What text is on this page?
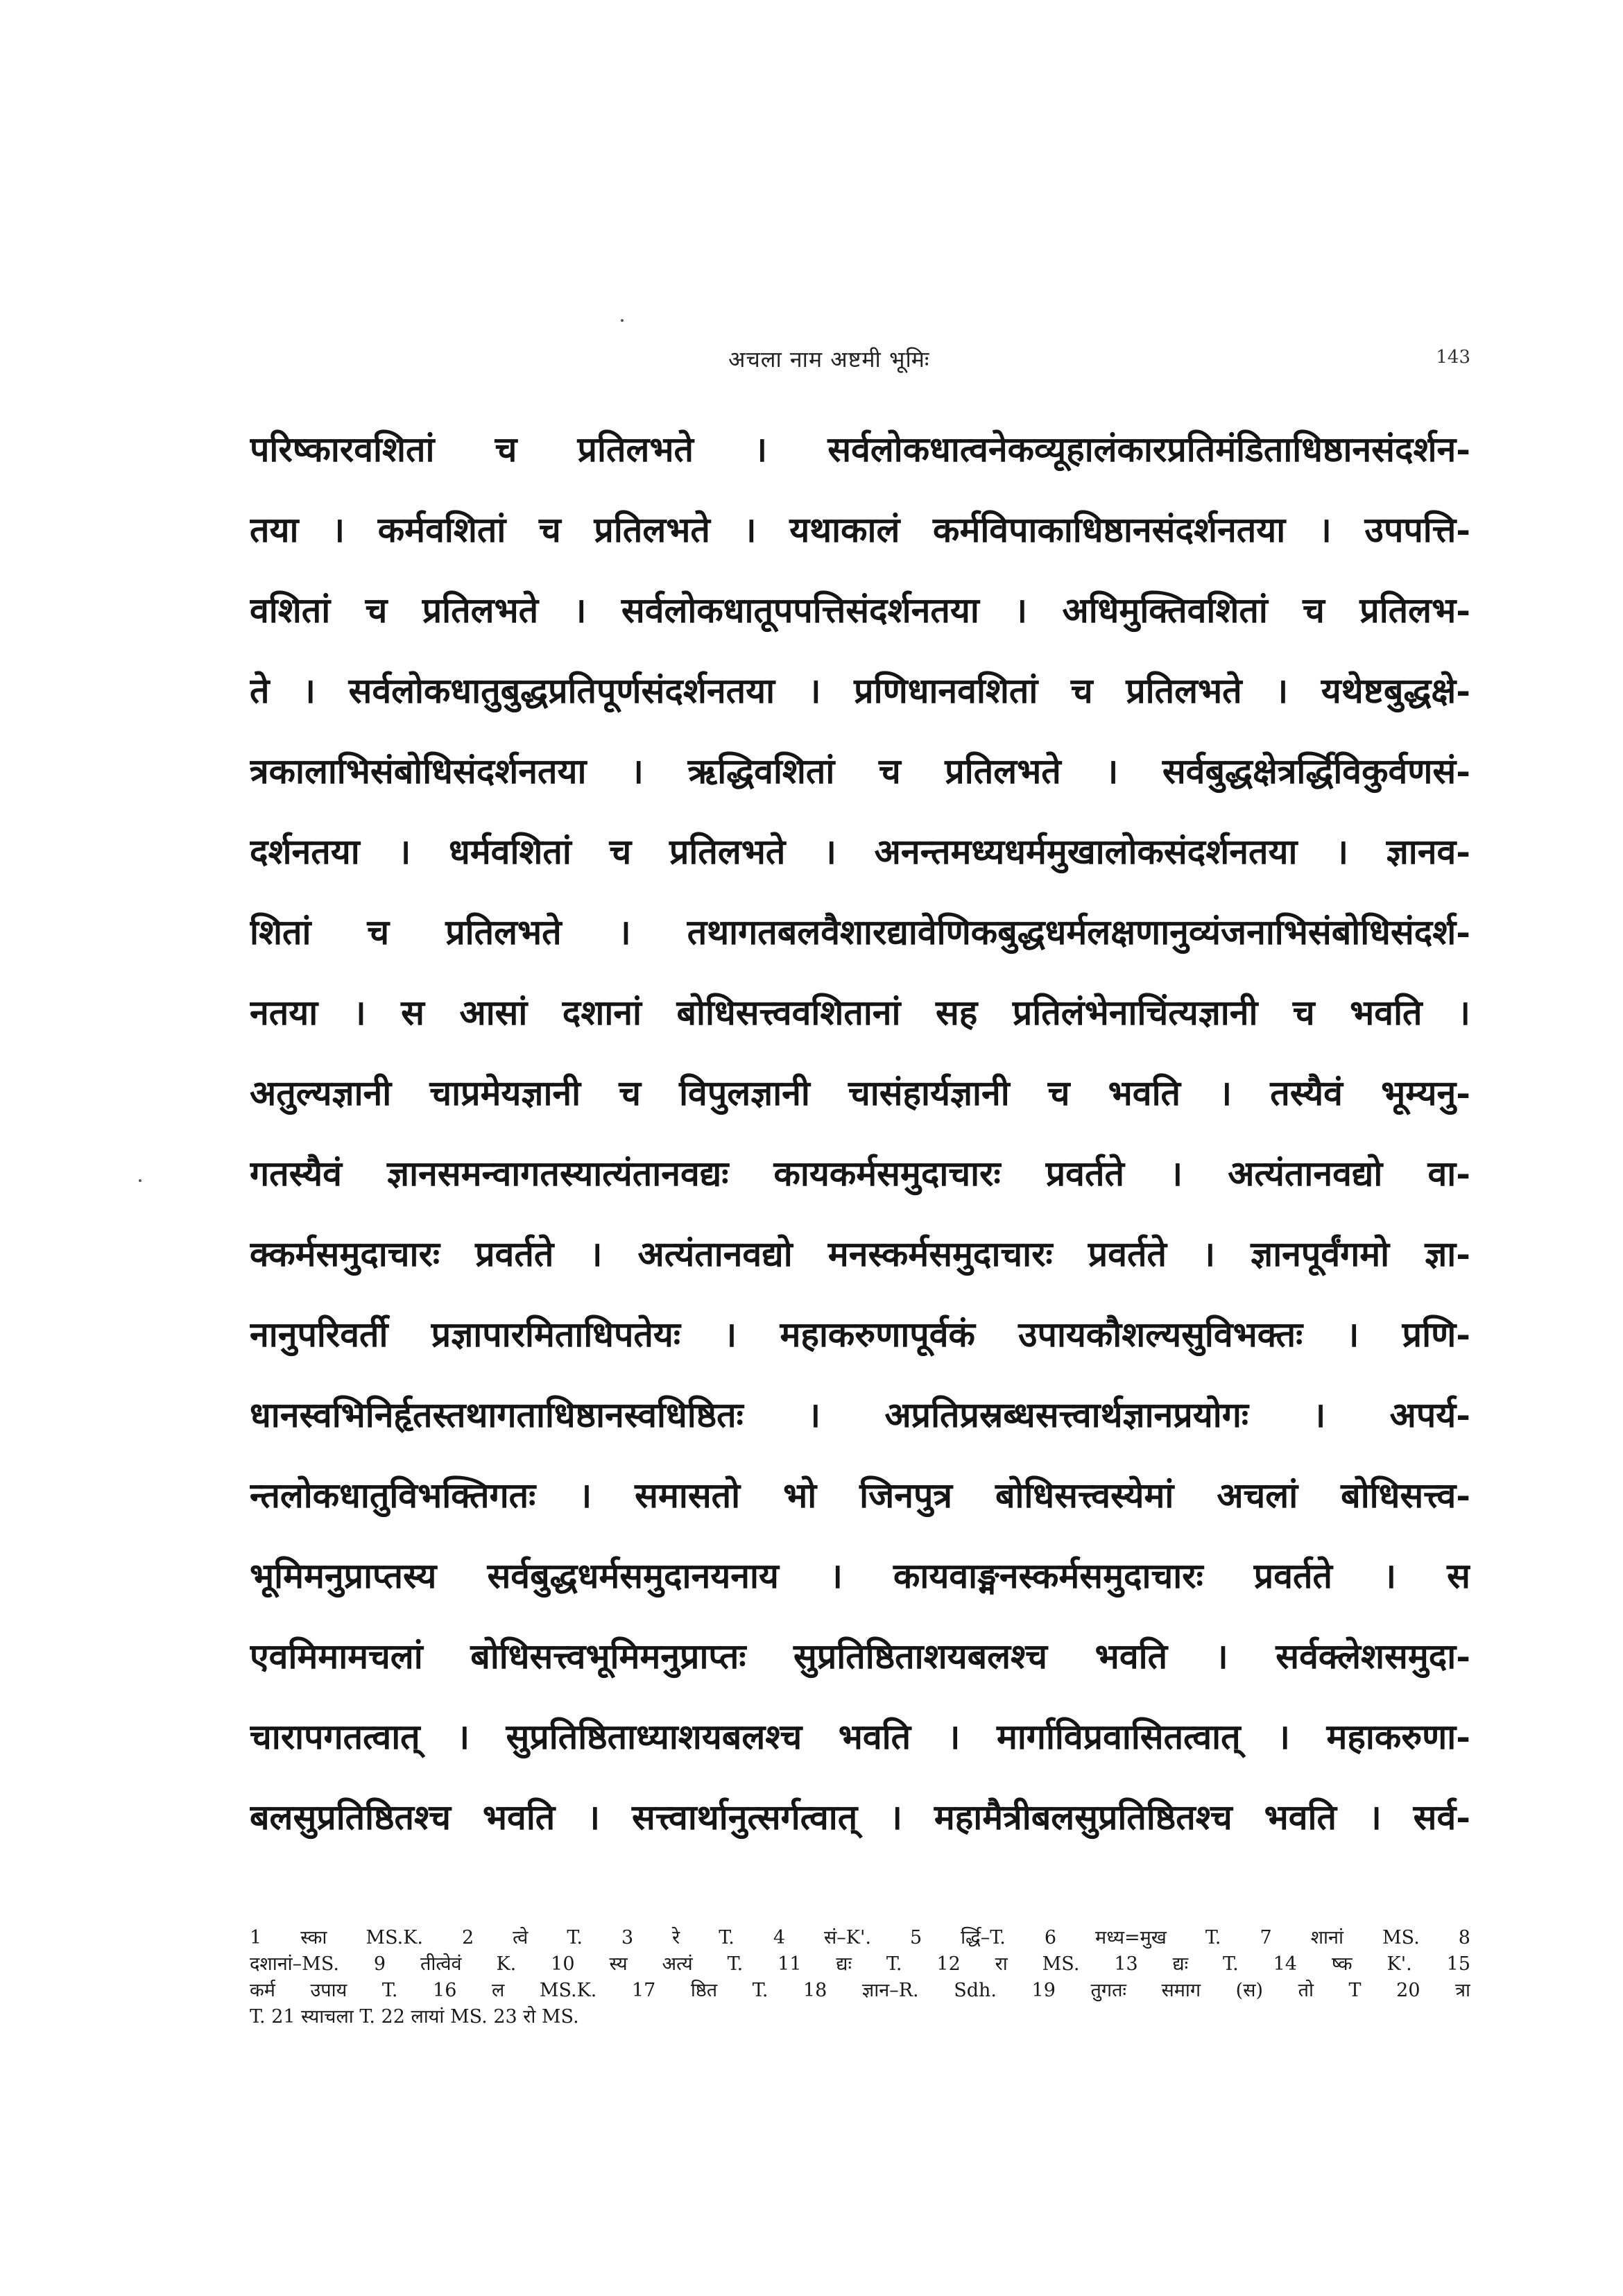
अचला नाम अष्टमी भूमिः	143
परिष्कारवशितां च प्रतिलभते । सर्वलोकधात्वनेकव्यूहालंकारप्रतिमंडिताधिष्ठानसंदर्शन-
तया । कर्मवशितां च प्रतिलभते । यथाकालं कर्मविपाकाधिष्ठानसंदर्शनतया । उपपत्ति-
वशितां च प्रतिलभते । सर्वलोकधातूपपत्तिसंदर्शनतया । अधिमुक्तिवशितां च प्रतिलभ-
ते । सर्वलोकधातुबुद्धप्रतिपूर्णसंदर्शनतया । प्रणिधानवशितां च प्रतिलभते । यथेष्टबुद्धक्षे-
त्रकालाभिसंबोधिसंदर्शनतया । ऋद्धिवशितां च प्रतिलभते । सर्वबुद्धक्षेत्रर्द्धिविकुर्वणसं-
दर्शनतया । धर्मवशितां च प्रतिलभते । अनन्तमध्यधर्ममुखालोकसंदर्शनतया । ज्ञानव-
शितां च प्रतिलभते । तथागतबलवैशारद्यावेणिकबुद्धधर्मलक्षणानुव्यंजनाभिसंबोधिसंदर्श-
नतया । स आसां दशानां बोधिसत्त्ववशितानां सह प्रतिलंभेनाचिंत्यज्ञानी च भवति ।
अतुल्यज्ञानी चाप्रमेयज्ञानी च विपुलज्ञानी चासंहार्यज्ञानी च भवति । तस्यैवं भूम्यनु-
गतस्यैवं ज्ञानसमन्वागतस्यात्यंतानवद्यः कायकर्मसमुदाचारः प्रवर्तते । अत्यंतानवद्यो वा-
क्कर्मसमुदाचारः प्रवर्तते । अत्यंतानवद्यो मनस्कर्मसमुदाचारः प्रवर्तते । ज्ञानपूर्वंगमो ज्ञा-
नानुपरिवर्ती प्रज्ञापारमिताधिपतेयः । महाकरुणापूर्वकं उपायकौशल्यसुविभक्तः । प्रणि-
धानस्वभिनिर्हृतस्तथागताधिष्ठानस्वधिष्ठितः । अप्रतिप्रस्रब्धसत्त्वार्थज्ञानप्रयोगः । अपर्य-
न्तलोकधातुविभक्तिगतः । समासतो भो जिनपुत्र बोधिसत्त्वस्येमां अचलां बोधिसत्त्व-
भूमिमनुप्राप्तस्य सर्वबुद्धधर्मसमुदानयनाय । कायवाङ्मनस्कर्मसमुदाचारः प्रवर्तते । स
एवमिमामचलां बोधिसत्त्वभूमिमनुप्राप्तः सुप्रतिष्ठिताशयबलश्च भवति । सर्वक्लेशसमुदा-
चारापगतत्वात् । सुप्रतिष्ठिताध्याशयबलश्च भवति । मार्गाविप्रवासितत्वात् । महाकरुणा-
बलसुप्रतिष्ठितश्च भवति । सत्त्वार्थानुत्सर्गत्वात् । महामैत्रीबलसुप्रतिष्ठितश्च भवति । सर्व-
1 स्का MS.K. 2 त्वे T. 3 रे T. 4 सं–K'. 5 र्द्धि–T. 6 मध्य=मुख T. 7 शानां MS. 8
दशानां–MS. 9 तीत्वेवं K. 10 स्य अत्यं T. 11 द्यः T. 12 रा MS. 13 द्यः T. 14 ष्क K'. 15
कर्म उपाय T. 16 ल MS.K. 17 ष्ठित T. 18 ज्ञान–R. Sdh. 19 तुगतः समाग (स) तो T 20 त्रा
T. 21 स्याचला T. 22 लायां MS. 23 रो MS.
